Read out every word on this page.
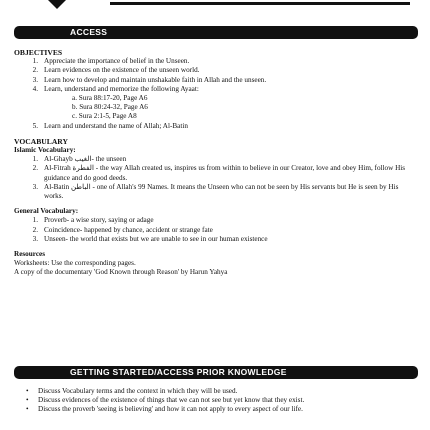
ACCESS

OBJECTIVES

1. Appreciate the importance of belief in the Unseen.
2. Learn evidences on the existence of the unseen world.
3. Learn how to develop and maintain unshakable faith in Allah and the unseen.
4. Learn, understand and memorize the following Ayaat:
a. Sura 88:17-20, Page A6
b. Sura 80:24-32, Page A6
c. Sura 2:1-5, Page A8
5. Learn and understand the name of Allah; Al-Batin

VOCABULARY

Islamic Vocabulary:

1. Al-Ghayb الغيب- the unseen
2. Al-Fitrah الفطرة - the way Allah created us, inspires us from within to believe in our Creator, love and obey Him, follow His guidance and do good deeds.
3. Al-Batin الباطن - one of Allah's 99 Names. It means the Unseen who can not be seen by His servants but He is seen by His works.

General Vocabulary:

1. Proverb- a wise story, saying or adage
2. Coincidence- happened by chance, accident or strange fate
3. Unseen- the world that exists but we are unable to see in our human existence

Resources

Worksheets: Use the corresponding pages.

A copy of the documentary 'God Known through Reason' by Harun Yahya

GETTING STARTED/ACCESS PRIOR KNOWLEDGE
•	Discuss Vocabulary terms and the context in which they will be used.
•	Discuss evidences of the existence of things that we can not see but yet know that they exist.
•	Discuss the proverb 'seeing is believing' and how it can not apply to every aspect of our life.
